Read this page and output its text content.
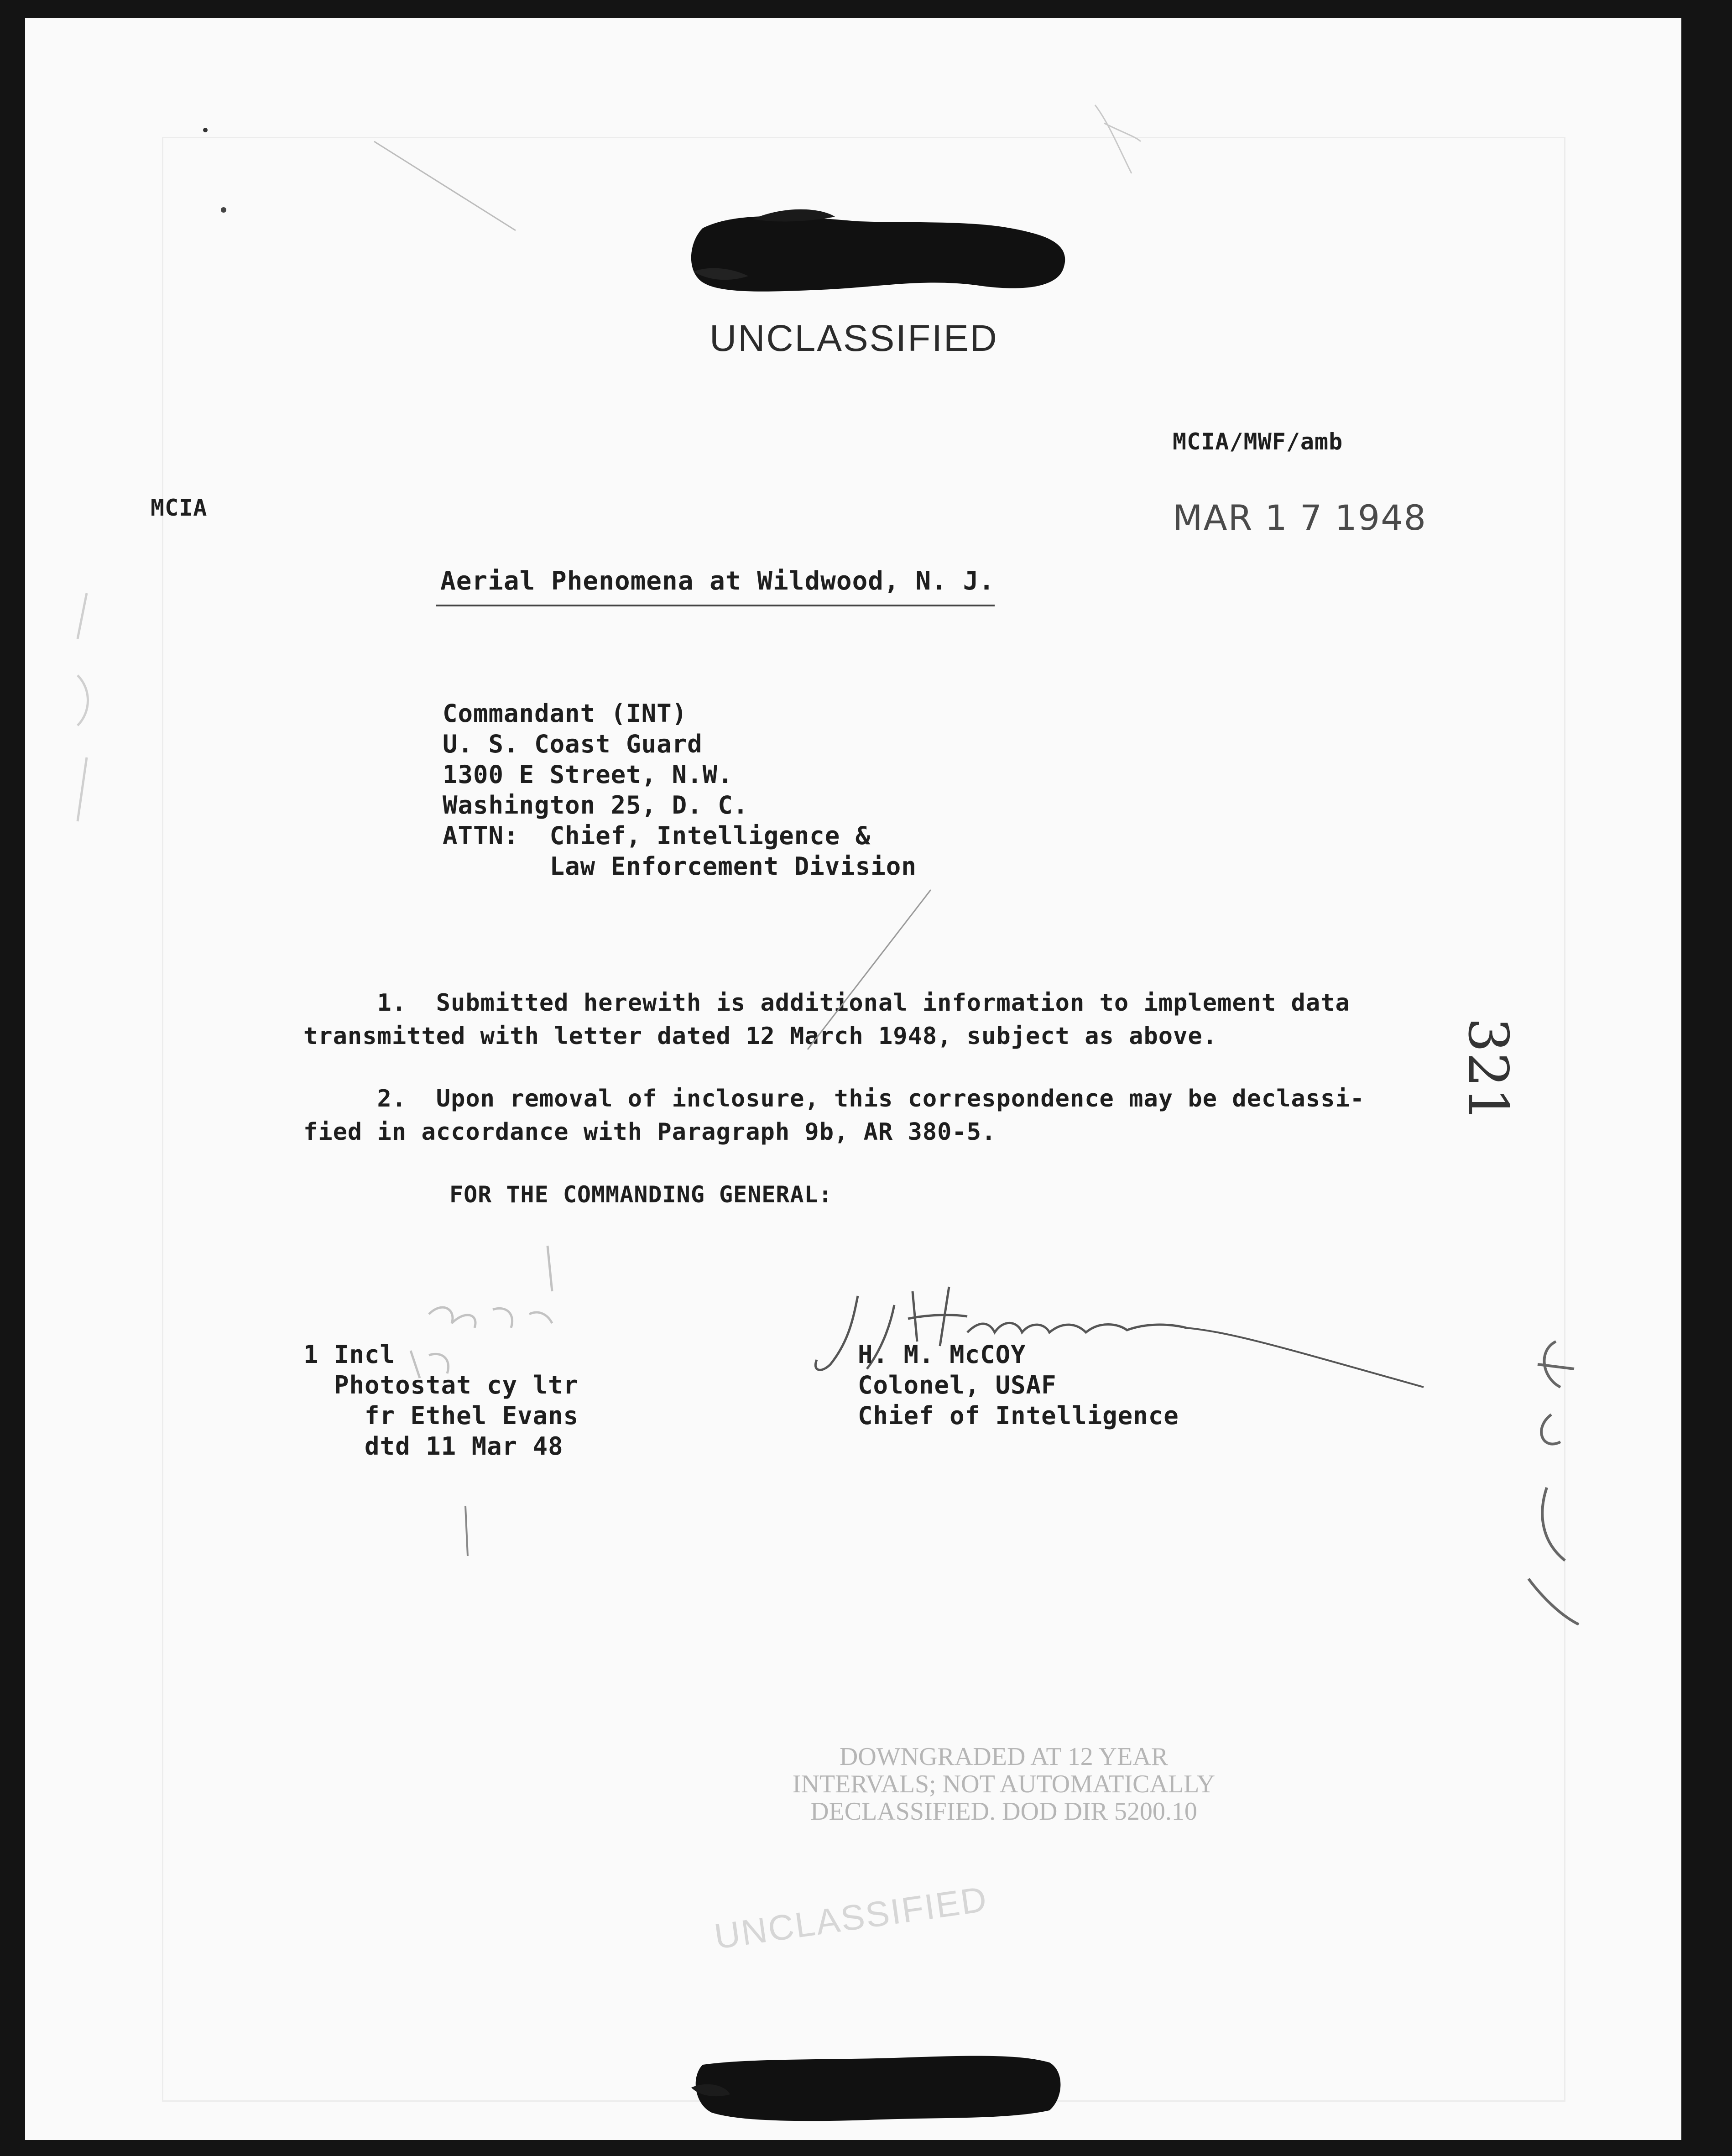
UNCLASSIFIED
MCIA/MWF/amb
MCIA	MAR 1 7 1948
Aerial Phenomena at Wildwood, N. J.
Commandant (INT)
U. S. Coast Guard
1300 E Street, N.W.
Washington 25, D. C.
ATTN:  Chief, Intelligence &
Law Enforcement Division
1.  Submitted herewith is additional information to implement data
transmitted with letter dated 12 March 1948, subject as above.
2.  Upon removal of inclosure, this correspondence may be declassi-
fied in accordance with Paragraph 9b, AR 380-5.
FOR THE COMMANDING GENERAL:
1 Incl
Photostat cy ltr
fr Ethel Evans
dtd 11 Mar 48
H. M. McCOY
Colonel, USAF
Chief of Intelligence
321
DOWNGRADED AT 12 YEAR
INTERVALS; NOT AUTOMATICALLY
DECLASSIFIED. DOD DIR 5200.10
UNCLASSIFIED
